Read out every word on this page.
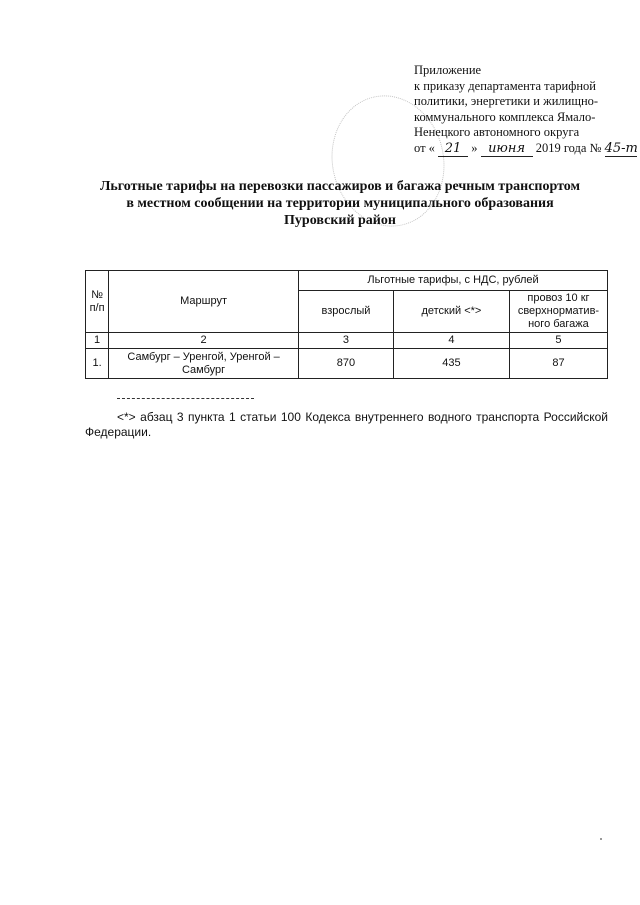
Приложение
к приказу департамента тарифной
политики, энергетики и жилищно-
коммунального комплекса Ямало-
Ненецкого автономного округа
от « 21 » июня 2019 года № 45-т
Льготные тарифы на перевозки пассажиров и багажа речным транспортом
в местном сообщении на территории муниципального образования
Пуровский район
№ п/п	Маршрут	Льготные тарифы, с НДС, рублей		
		взрослый	детский <*>	провоз 10 кг сверхнорматив-ного багажа
1	2	3	4	5
1.	Самбург – Уренгой, Уренгой – Самбург	870	435	87
<*> абзац 3 пункта 1 статьи 100 Кодекса внутреннего водного транспорта Российской Федерации.
